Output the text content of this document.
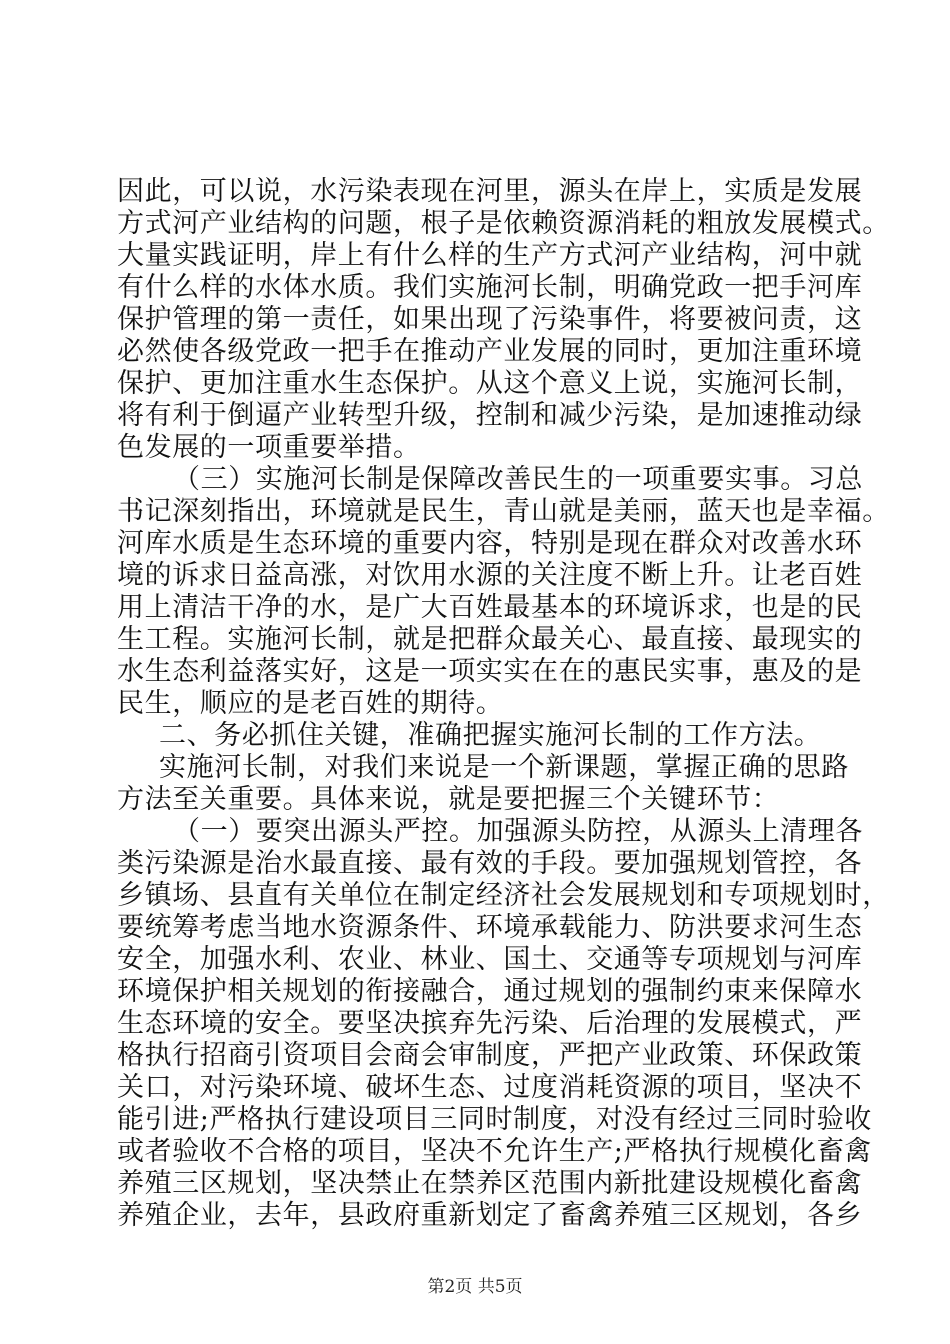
因此，可以说，水污染表现在河里，源头在岸上，实质是发展
方式河产业结构的问题，根子是依赖资源消耗的粗放发展模式。
大量实践证明，岸上有什么样的生产方式河产业结构，河中就
有什么样的水体水质。我们实施河长制，明确党政一把手河库
保护管理的第一责任，如果出现了污染事件，将要被问责，这
必然使各级党政一把手在推动产业发展的同时，更加注重环境
保护、更加注重水生态保护。从这个意义上说，实施河长制，
将有利于倒逼产业转型升级，控制和减少污染，是加速推动绿
色发展的一项重要举措。
（三）实施河长制是保障改善民生的一项重要实事。习总
书记深刻指出，环境就是民生，青山就是美丽，蓝天也是幸福。
河库水质是生态环境的重要内容，特别是现在群众对改善水环
境的诉求日益高涨，对饮用水源的关注度不断上升。让老百姓
用上清洁干净的水，是广大百姓最基本的环境诉求，也是的民
生工程。实施河长制，就是把群众最关心、最直接、最现实的
水生态利益落实好，这是一项实实在在的惠民实事，惠及的是
民生，顺应的是老百姓的期待。
二、务必抓住关键，准确把握实施河长制的工作方法。
实施河长制，对我们来说是一个新课题，掌握正确的思路
方法至关重要。具体来说，就是要把握三个关键环节：
（一）要突出源头严控。加强源头防控，从源头上清理各
类污染源是治水最直接、最有效的手段。要加强规划管控，各
乡镇场、县直有关单位在制定经济社会发展规划和专项规划时，
要统筹考虑当地水资源条件、环境承载能力、防洪要求河生态
安全，加强水利、农业、林业、国土、交通等专项规划与河库
环境保护相关规划的衔接融合，通过规划的强制约束来保障水
生态环境的安全。要坚决摈弃先污染、后治理的发展模式，严
格执行招商引资项目会商会审制度，严把产业政策、环保政策
关口，对污染环境、破坏生态、过度消耗资源的项目，坚决不
能引进;严格执行建设项目三同时制度，对没有经过三同时验收
或者验收不合格的项目，坚决不允许生产;严格执行规模化畜禽
养殖三区规划，坚决禁止在禁养区范围内新批建设规模化畜禽
养殖企业，去年，县政府重新划定了畜禽养殖三区规划，各乡
第2页 共5页
